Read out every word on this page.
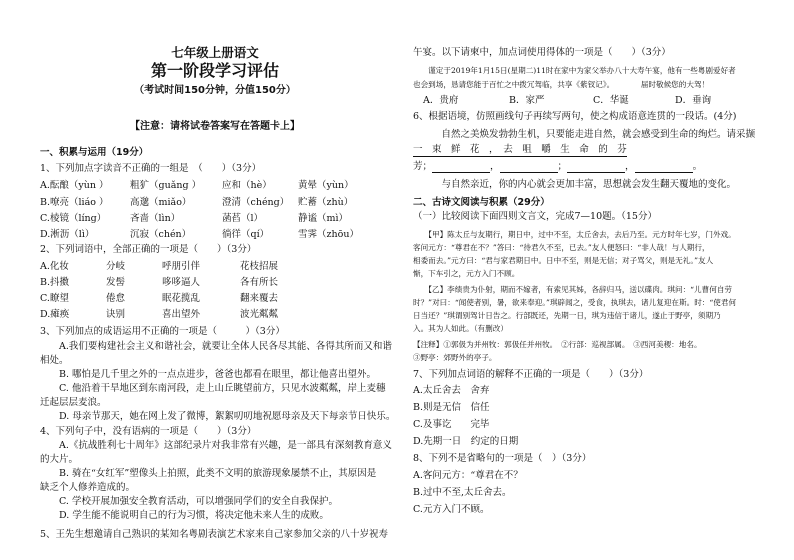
七年级上册语文
第一阶段学习评估
（考试时间150分钟，分值150分）
【注意：请将试卷答案写在答题卡上】
一、积累与运用（19分）
1、下列加点字读音不正确的一组是　（　　）（3分）
A.酝酿（yùn ） 粗犷（guǎng ） 应和（hè）	黄晕（yùn）
B.嘹亮（liáo ） 高邈（miǎo）	澄清（chéng） 贮蓄（zhù）
C.棱镜（líng）	吝啬（lìn）	菡萏（l）	静谧（mì）
D.淅沥（lì）	沉寂（chén）	徜徉（qí）	雪霁（zhōu）
2、下列词语中，全部正确的一项是（　　）（3分）
A.化妆	分岐	呼朋引伴	花枝招展
B.抖擞	发髻	哆哆逼人	各有所长
C.瞭望	倦怠	眠花揽乱	翻来覆去
D.瘫痪	诀别	喜出望外	波光粼粼
3、下列加点的成语运用不正确的一项是（　　　）（3分）
　　A.我们要构建社会主义和谐社会，就要让全体人民各尽其能、各得其所而又和谐
相处。
　　B. 哪怕是几千里之外的一点点进步，爸爸也都看在眼里，都让他喜出望外。
　　C. 他沿着干旱地区到东南河段，走上山丘眺望前方，只见水波粼粼，岸上麦穗
迁起层层麦浪。
　　D. 母亲节那天，她在网上发了微博，絮絮叨叨地祝愿母亲及天下每亲节日快乐。
4、下列句子中，没有语病的一项是（　　）（3分）
　　A.《抗战胜利七十周年》这部纪录片对我非常有兴趣，是一部具有深刻教育意义
的大片。
　　B. 骑在“女红军”塑像头上拍照，此类不文明的旅游现象屡禁不止，其原因是
缺乏个人修养造成的。
　　C. 学校开展加强安全教育活动，可以增强同学们的安全自我保护。
　　D. 学生能不能说明自己的行为习惯，将决定他未来人生的成败。
5、王先生想邀请自己熟识的某知名粤剧表演艺术家来自己家参加父亲的八十岁祝寿
午宴。以下请柬中，加点词使用得体的一项是（　　）（3分）
　　谨定于2019年1月15日(星期二)11时在家中为家父举办八十大寿午宴，他有一些粤剧爱好者
也会到场，恳请您能于百忙之中拨冗驾临，共享《紫钗记》。　　　　届时敬候您的大驾！
A．贵府	B．家严	C．华诞	D．垂询
6、根据语境，仿照画线句子再续写两句，使之构成语意连贯的一段话。(4分)
　　　自然之美焕发勃勃生机，只要能走进自然，就会感受到生命的绚烂。请采撷
一　束　鲜　花　，　去　咀　嚼　生　命　的　芬
芳；	，	；	，	。
　　　与自然亲近，你的内心就会更加丰富，思想就会发生翻天覆地的变化。
二、古诗文阅读与积累（29分）
（一）比较阅读下面四则文言文，完成7—10题。（15分）
　　【甲】陈太丘与友期行，期日中，过中不至，太丘舍去，去后乃至。元方时年七岁，门外戏。
客问元方：“尊君在不？”答曰：“待君久不至，已去。”友人便怒曰：“非人哉！与人期行，
相委而去。”元方曰：“君与家君期日中。日中不至，则是无信；对子骂父，则是无礼。”友人
惭，下车引之，元方入门不顾。
　　【乙】李绩贵为仆射，期而不嫁者，有索见其姊，各辞归马，送以碟肉。琪问：“儿曹何自劳
时？”对曰：“闻使者别，暑，欲来奉迎。”琪辟闻之，受食，执琪去，诸儿复迎在斯。时：“使君何
日当还？”琪谓别驾计日告之。行部既还，先期一日，琪为违信于诸儿，遂止于野亭，须期乃
入。其为人如此。（有删改）
【注释】①郭伋为并州牧：郭伋任并州牧。　②行部：巡视部属。　③西河美稷：地名。
③野亭：郊野外的亭子。
7、下列加点词语的解释不正确的一项是（　　）（3分）
A.太丘舍去　舍弃
B.则是无信　信任
C.及事讫　　完毕
D.先期一日　约定的日期
8、下列不是省略句的一项是（　）（3分）
A.客问元方：“尊君在不？
B.过中不至,太丘舍去。
C.元方入门不顾。
